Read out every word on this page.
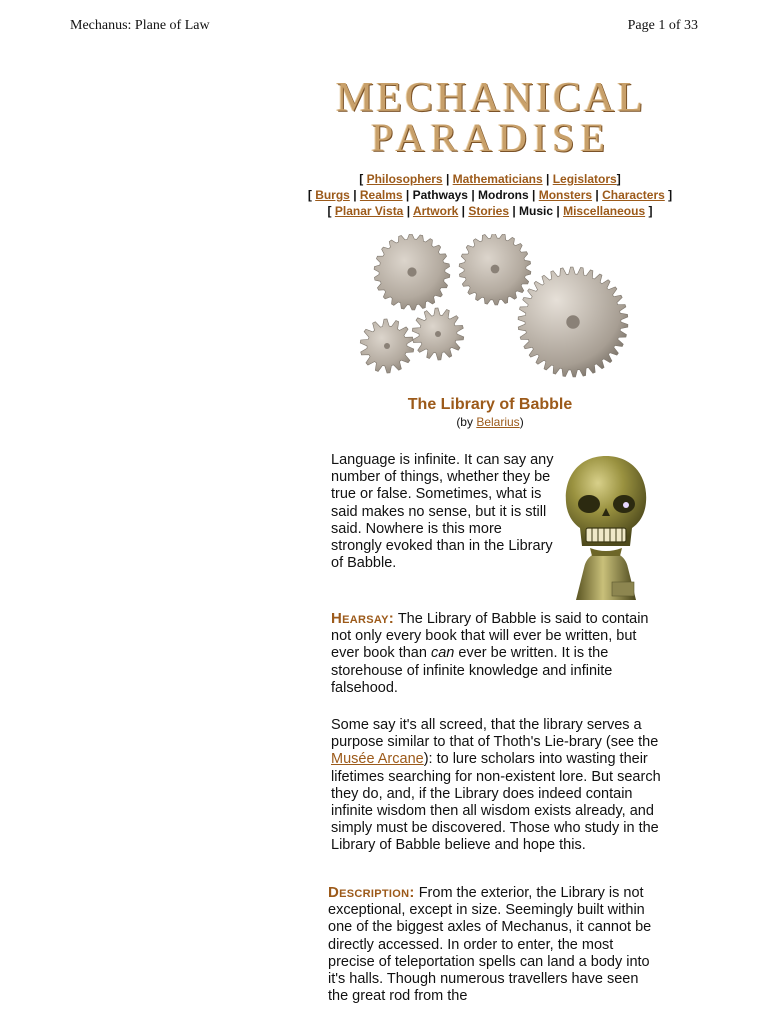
Mechanus: Plane of Law	Page 1 of 33
MECHANICAL
PARADISE
[ Philosophers | Mathematicians | Legislators]
[ Burgs | Realms | Pathways | Modrons | Monsters | Characters ]
[ Planar Vista | Artwork | Stories | Music | Miscellaneous ]
The Library of Babble
(by Belarius)
Language is infinite. It can say any number of things, whether they be true or false. Sometimes, what is said makes no sense, but it is still said. Nowhere is this more strongly evoked than in the Library of Babble.
Hearsay: The Library of Babble is said to contain not only every book that will ever be written, but ever book than can ever be written. It is the storehouse of infinite knowledge and infinite falsehood.
Some say it's all screed, that the library serves a purpose similar to that of Thoth's Lie-brary (see the Musée Arcane): to lure scholars into wasting their lifetimes searching for non-existent lore. But search they do, and, if the Library does indeed contain infinite wisdom then all wisdom exists already, and simply must be discovered. Those who study in the Library of Babble believe and hope this.
Description: From the exterior, the Library is not exceptional, except in size. Seemingly built within one of the biggest axles of Mechanus, it cannot be directly accessed. In order to enter, the most precise of teleportation spells can land a body into it's halls. Though numerous travellers have seen the great rod from the
